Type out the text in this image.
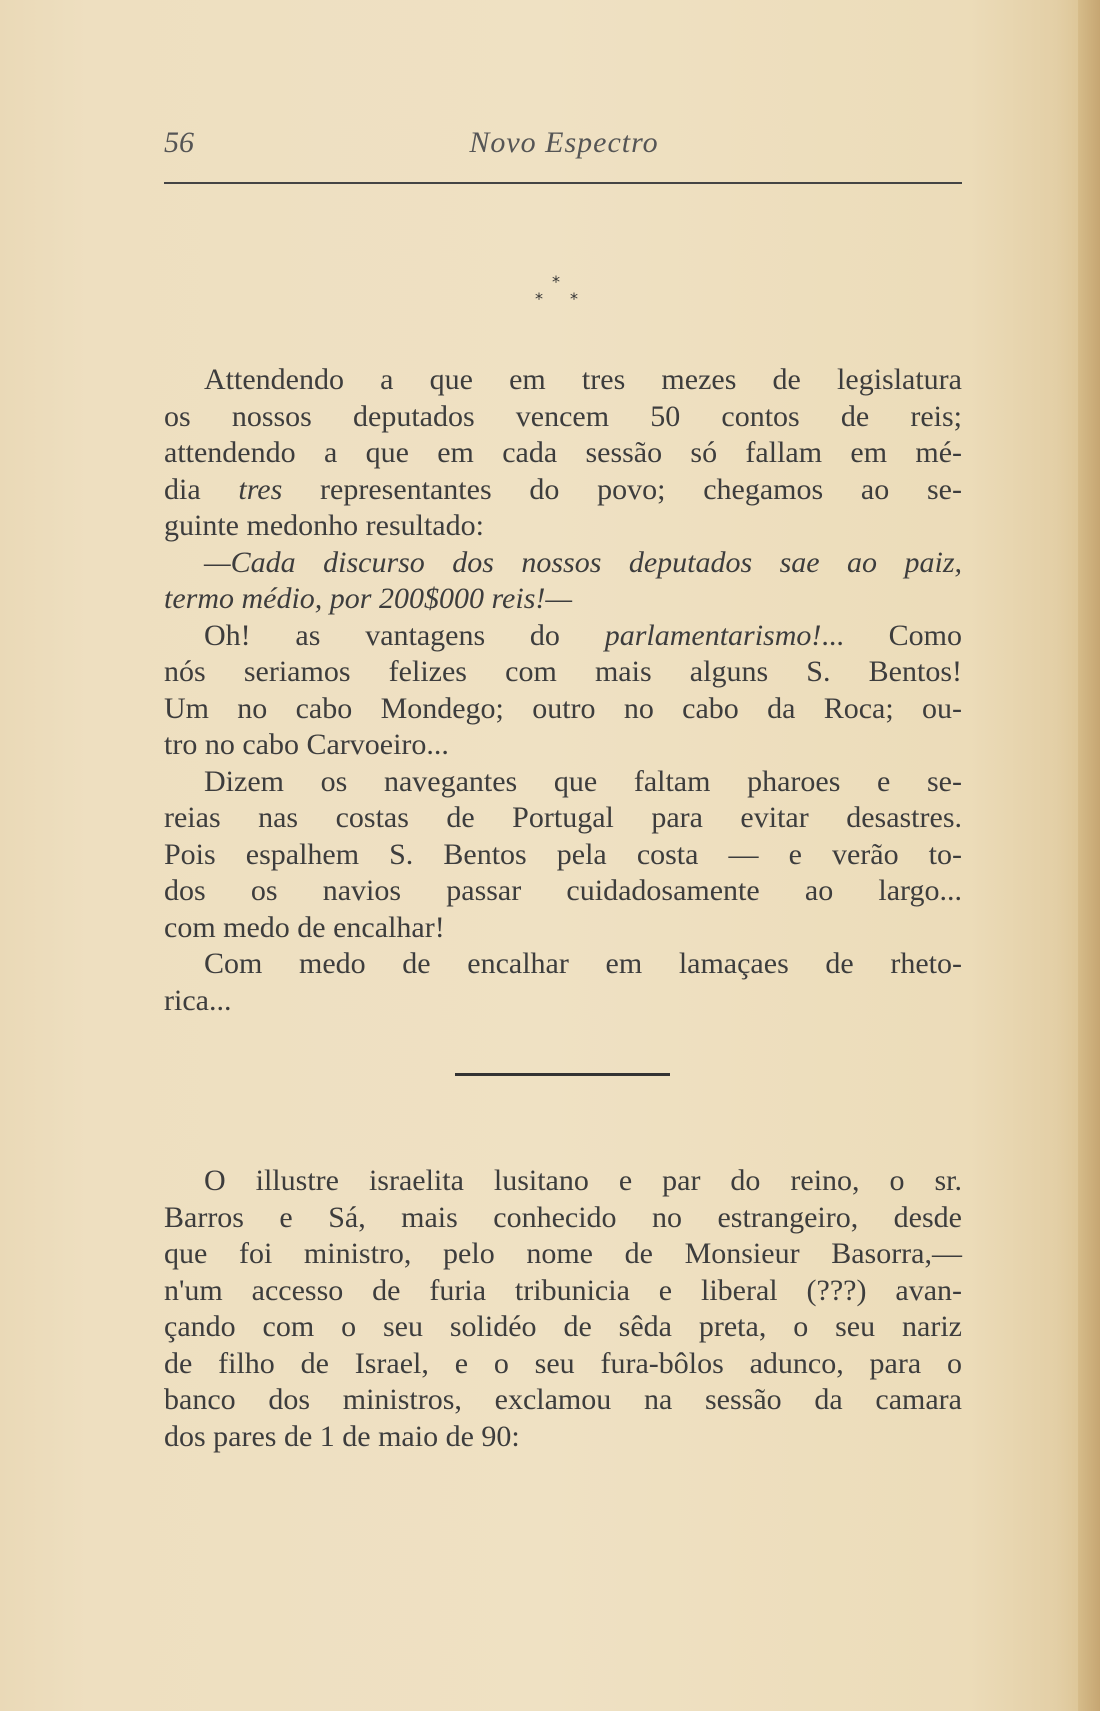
56	Novo Espectro
*
* *
Attendendo a que em tres mezes de legislatura
os nossos deputados vencem 50 contos de reis;
attendendo a que em cada sessão só fallam em mé-
dia tres representantes do povo; chegamos ao se-
guinte medonho resultado:
—Cada discurso dos nossos deputados sae ao paiz,
termo médio, por 200$000 reis!—
Oh! as vantagens do parlamentarismo!... Como
nós seriamos felizes com mais alguns S. Bentos!
Um no cabo Mondego; outro no cabo da Roca; ou-
tro no cabo Carvoeiro...
Dizem os navegantes que faltam pharoes e se-
reias nas costas de Portugal para evitar desastres.
Pois espalhem S. Bentos pela costa — e verão to-
dos os navios passar cuidadosamente ao largo...
com medo de encalhar!
Com medo de encalhar em lamaçaes de rheto-
rica...
O illustre israelita lusitano e par do reino, o sr.
Barros e Sá, mais conhecido no estrangeiro, desde
que foi ministro, pelo nome de Monsieur Basorra,—
n'um accesso de furia tribunicia e liberal (???) avan-
çando com o seu solidéo de sêda preta, o seu nariz
de filho de Israel, e o seu fura-bôlos adunco, para o
banco dos ministros, exclamou na sessão da camara
dos pares de 1 de maio de 90:
